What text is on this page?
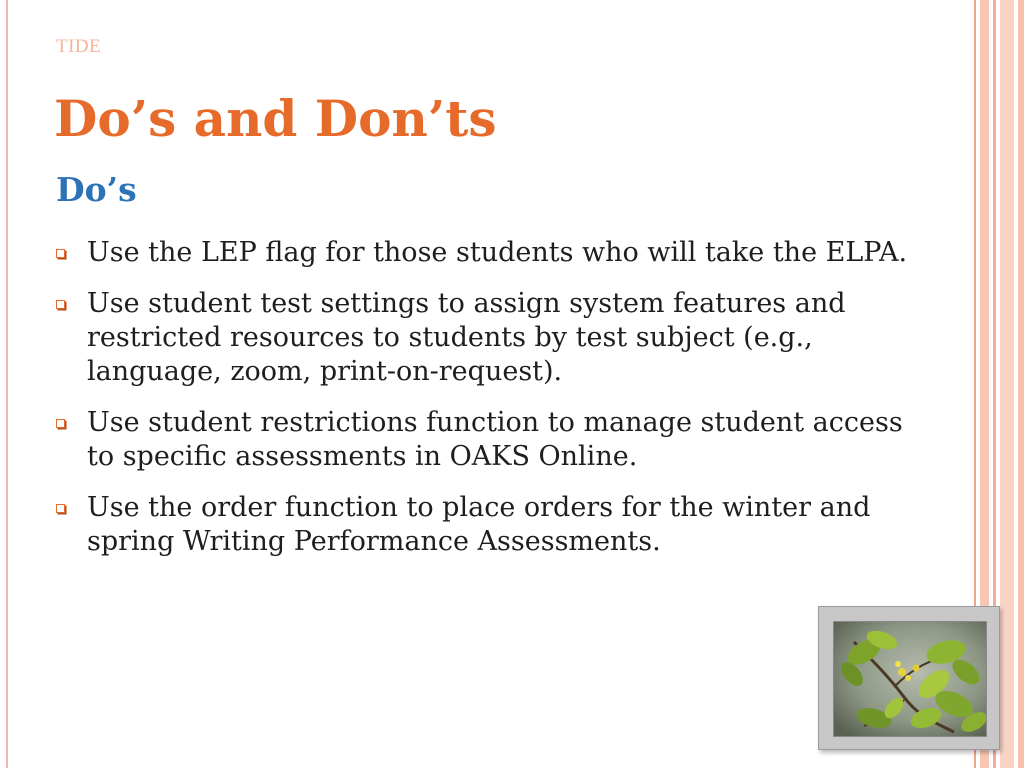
TIDE

Do’s and Don’ts
Do’s
Use the LEP flag for those students who will take the ELPA.
Use student test settings to assign system features and restricted resources to students by test subject (e.g., language, zoom, print-on-request).
Use student restrictions function to manage student access to specific assessments in OAKS Online.
Use the order function to place orders for the winter and spring Writing Performance Assessments.
